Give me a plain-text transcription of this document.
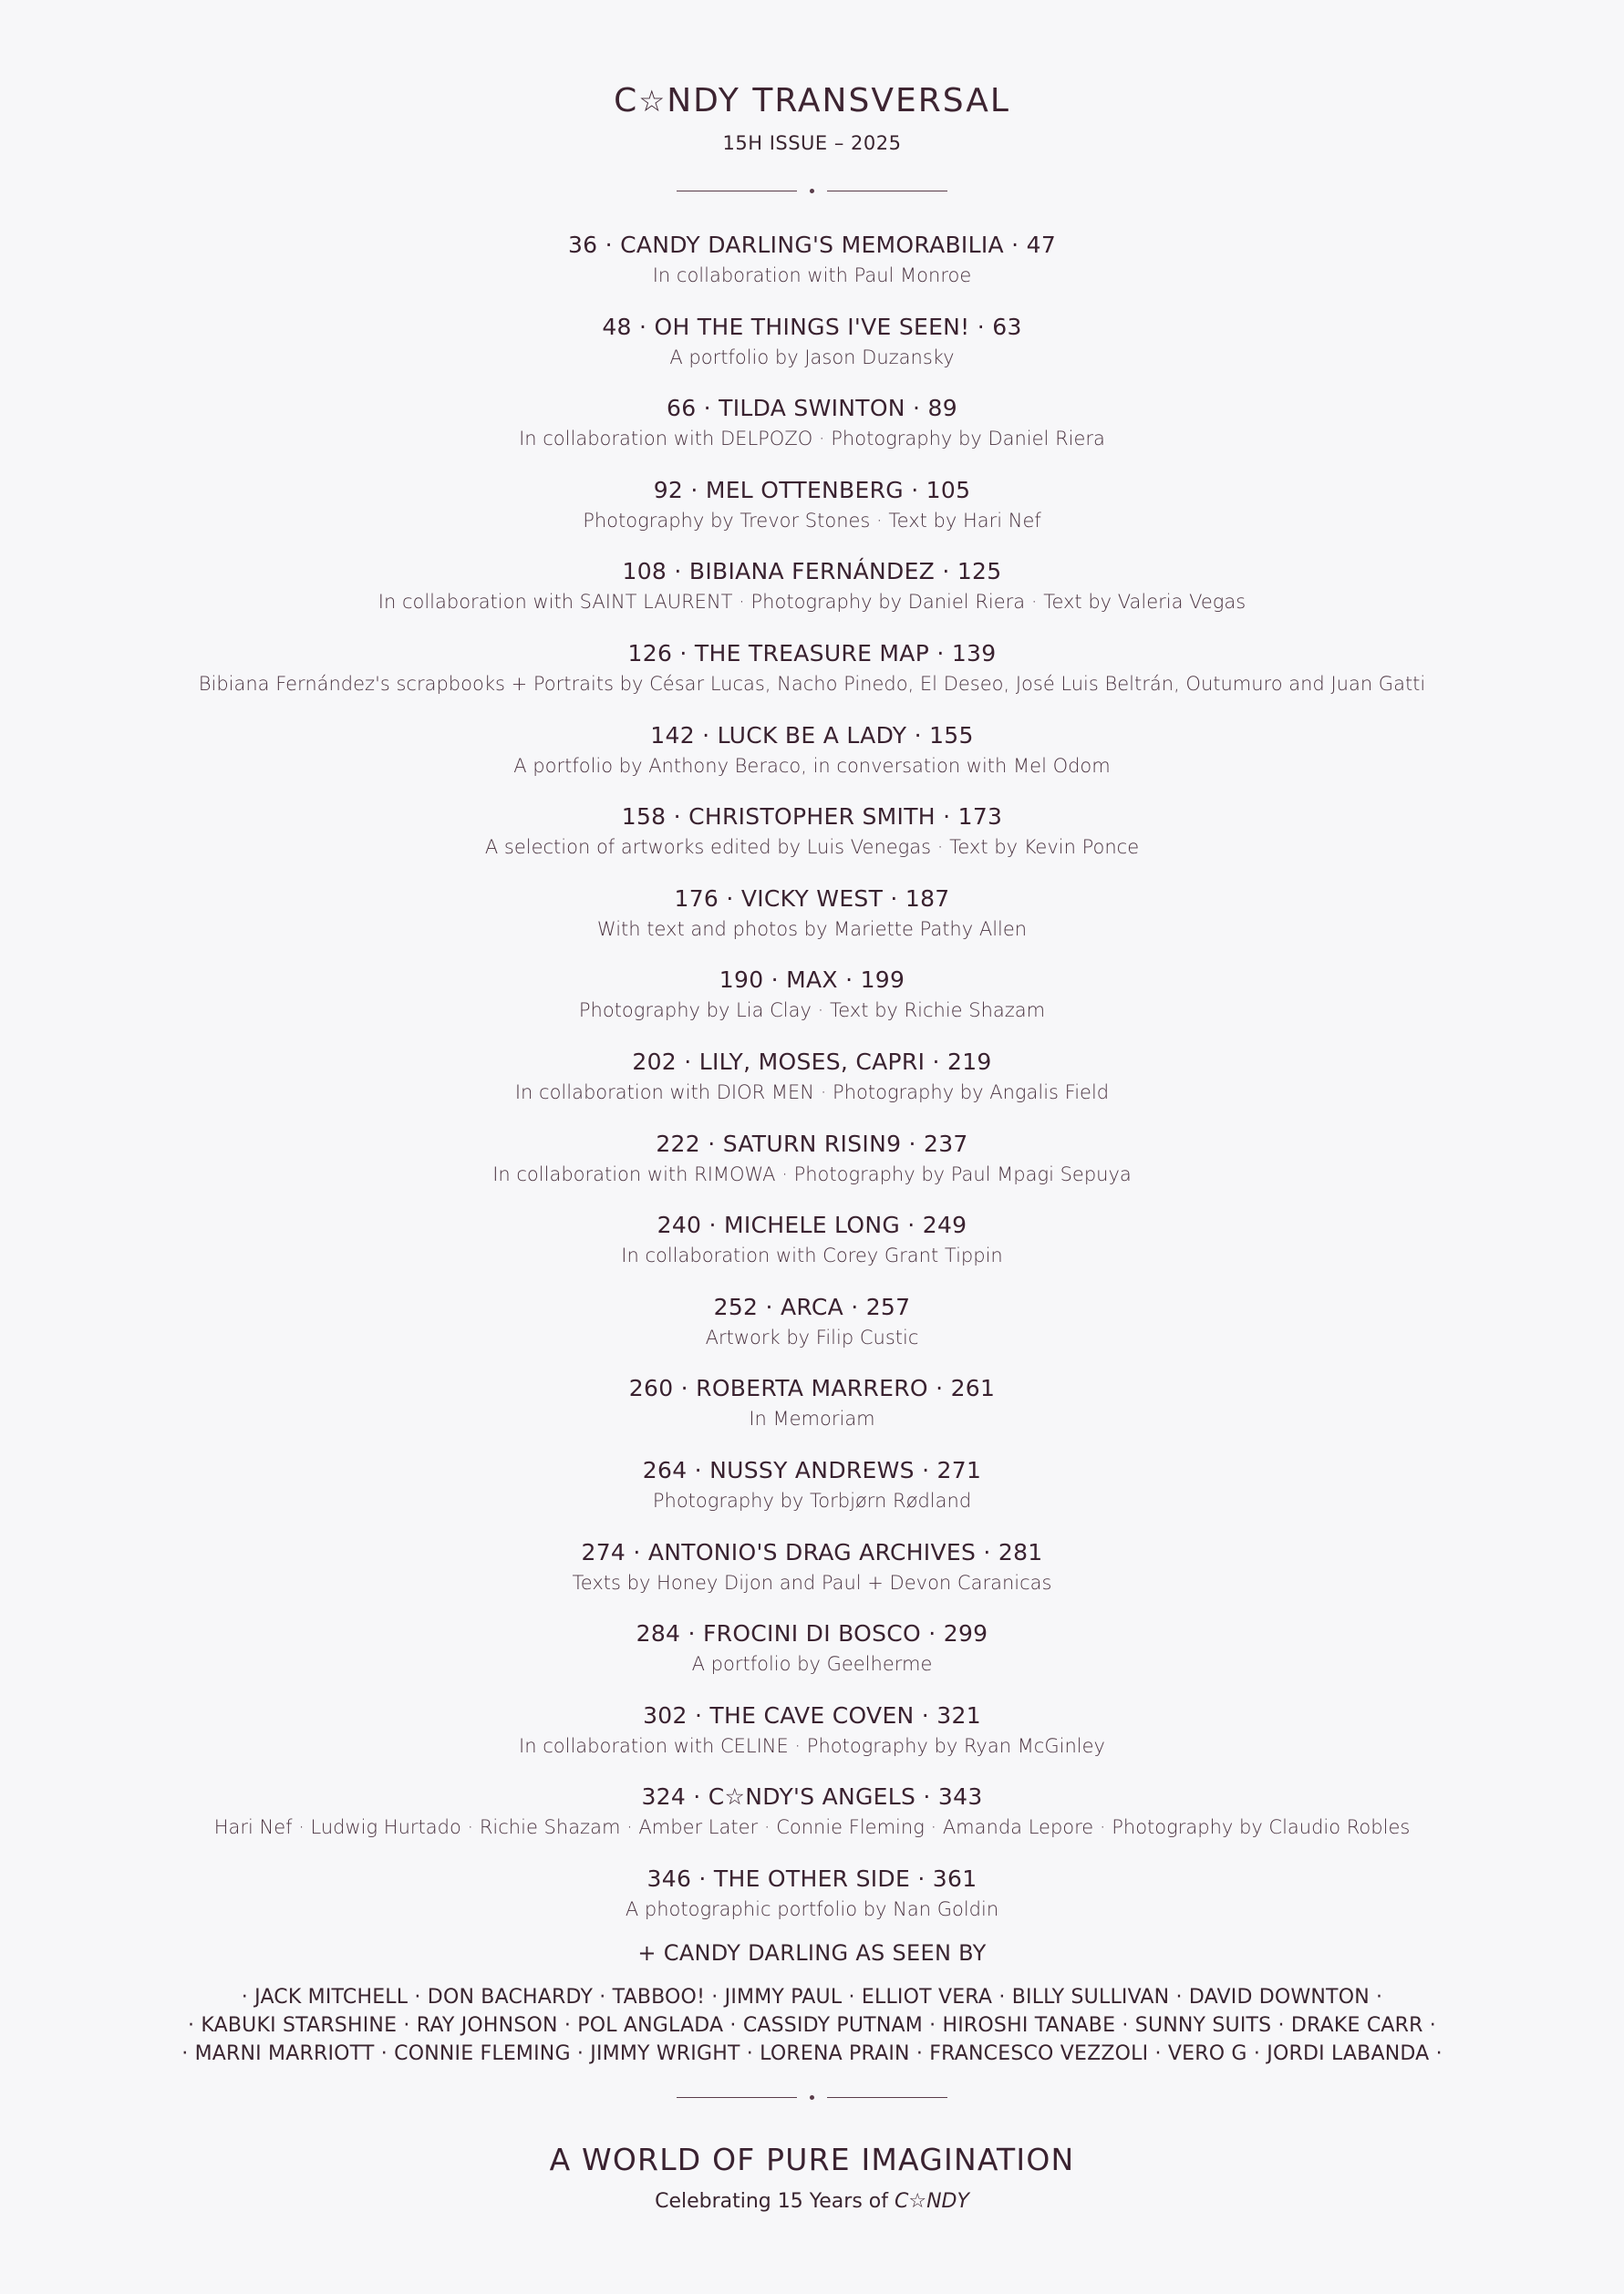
C☆NDY TRANSVERSAL
15H ISSUE – 2025
36 · CANDY DARLING'S MEMORABILIA · 47
In collaboration with Paul Monroe
48 · OH THE THINGS I'VE SEEN! · 63
A portfolio by Jason Duzansky
66 · TILDA SWINTON · 89
In collaboration with DELPOZO · Photography by Daniel Riera
92 · MEL OTTENBERG · 105
Photography by Trevor Stones · Text by Hari Nef
108 · BIBIANA FERNÁNDEZ · 125
In collaboration with SAINT LAURENT · Photography by Daniel Riera · Text by Valeria Vegas
126 · THE TREASURE MAP · 139
Bibiana Fernández's scrapbooks + Portraits by César Lucas, Nacho Pinedo, El Deseo, José Luis Beltrán, Outumuro and Juan Gatti
142 · LUCK BE A LADY · 155
A portfolio by Anthony Beraco, in conversation with Mel Odom
158 · CHRISTOPHER SMITH · 173
A selection of artworks edited by Luis Venegas · Text by Kevin Ponce
176 · VICKY WEST · 187
With text and photos by Mariette Pathy Allen
190 · MAX · 199
Photography by Lia Clay · Text by Richie Shazam
202 · LILY, MOSES, CAPRI · 219
In collaboration with DIOR MEN · Photography by Angalis Field
222 · SATURN RISIN9 · 237
In collaboration with RIMOWA · Photography by Paul Mpagi Sepuya
240 · MICHELE LONG · 249
In collaboration with Corey Grant Tippin
252 · ARCA · 257
Artwork by Filip Custic
260 · ROBERTA MARRERO · 261
In Memoriam
264 · NUSSY ANDREWS · 271
Photography by Torbjørn Rødland
274 · ANTONIO'S DRAG ARCHIVES · 281
Texts by Honey Dijon and Paul + Devon Caranicas
284 · FROCINI DI BOSCO · 299
A portfolio by Geelherme
302 · THE CAVE COVEN · 321
In collaboration with CELINE · Photography by Ryan McGinley
324 · C☆NDY'S ANGELS · 343
Hari Nef · Ludwig Hurtado · Richie Shazam · Amber Later · Connie Fleming · Amanda Lepore · Photography by Claudio Robles
346 · THE OTHER SIDE · 361
A photographic portfolio by Nan Goldin
+ CANDY DARLING AS SEEN BY
· JACK MITCHELL · DON BACHARDY · TABBOO! · JIMMY PAUL · ELLIOT VERA · BILLY SULLIVAN · DAVID DOWNTON ·
· KABUKI STARSHINE · RAY JOHNSON · POL ANGLADA · CASSIDY PUTNAM · HIROSHI TANABE · SUNNY SUITS · DRAKE CARR ·
· MARNI MARRIOTT · CONNIE FLEMING · JIMMY WRIGHT · LORENA PRAIN · FRANCESCO VEZZOLI · VERO G · JORDI LABANDA ·
A WORLD OF PURE IMAGINATION
Celebrating 15 Years of C☆NDY
